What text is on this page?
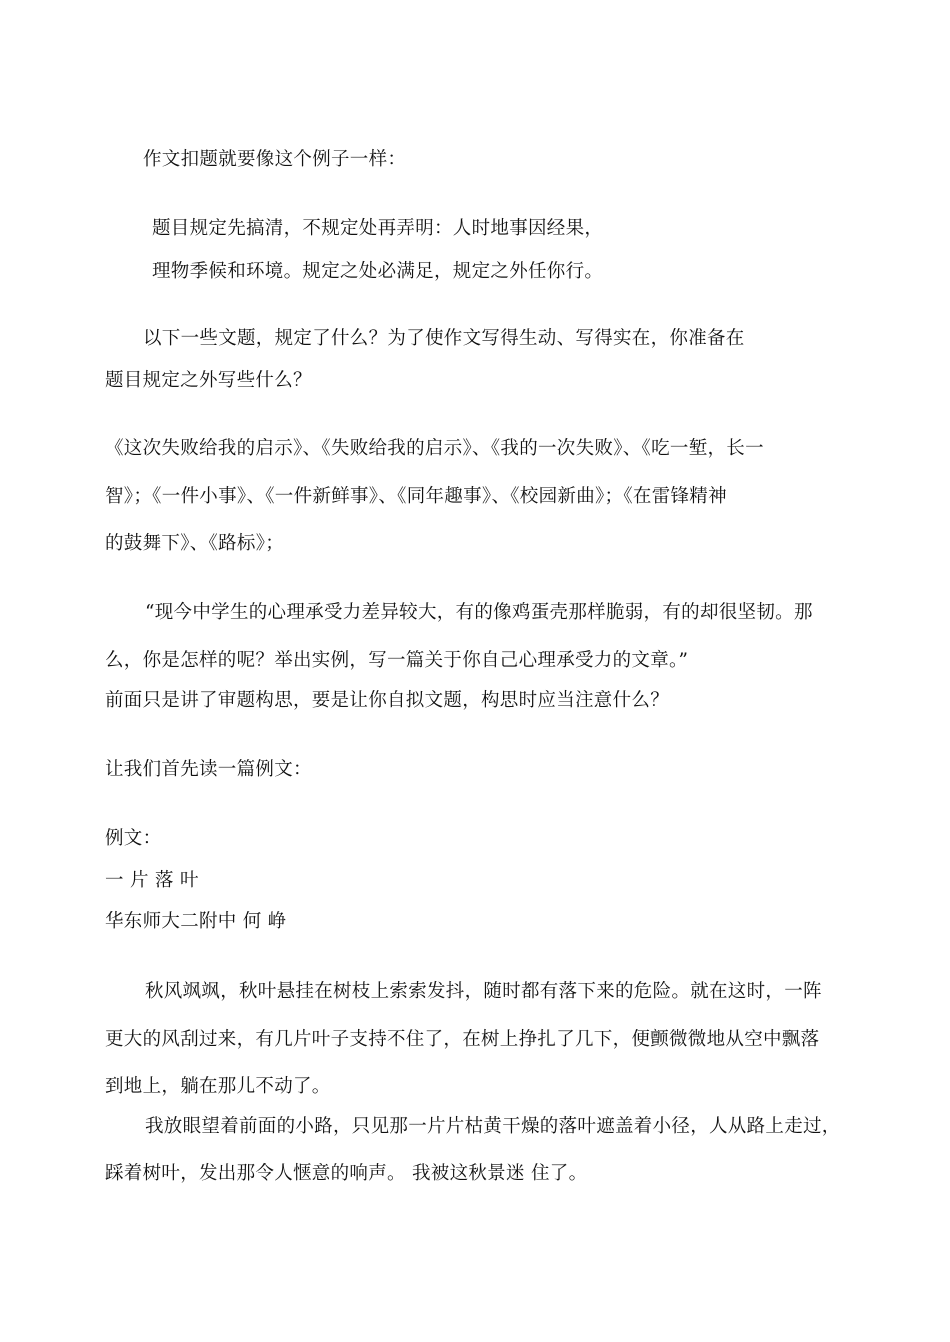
作文扣题就要像这个例子一样：
题目规定先搞清，不规定处再弄明：人时地事因经果，
理物季候和环境。规定之处必满足，规定之外任你行。
以下一些文题，规定了什么？为了使作文写得生动、写得实在，你准备在
题目规定之外写些什么？
《这次失败给我的启示》、《失败给我的启示》、《我的一次失败》、《吃一堑，长一
智》；《一件小事》、《一件新鲜事》、《同年趣事》、《校园新曲》；《在雷锋精神
的鼓舞下》、《路标》；
“现今中学生的心理承受力差异较大，有的像鸡蛋壳那样脆弱，有的却很坚韧。那
么，你是怎样的呢？举出实例，写一篇关于你自己心理承受力的文章。”
前面只是讲了审题构思，要是让你自拟文题，构思时应当注意什么？
让我们首先读一篇例文：
例文：
一 片 落 叶
华东师大二附中 何 峥
秋风飒飒，秋叶悬挂在树枝上索索发抖，随时都有落下来的危险。就在这时，一阵
更大的风刮过来，有几片叶子支持不住了，在树上挣扎了几下，便颤微微地从空中飘落
到地上，躺在那儿不动了。
我放眼望着前面的小路，只见那一片片枯黄干燥的落叶遮盖着小径，人从路上走过，
踩着树叶，发出那令人惬意的响声。 我被这秋景迷 住了。
